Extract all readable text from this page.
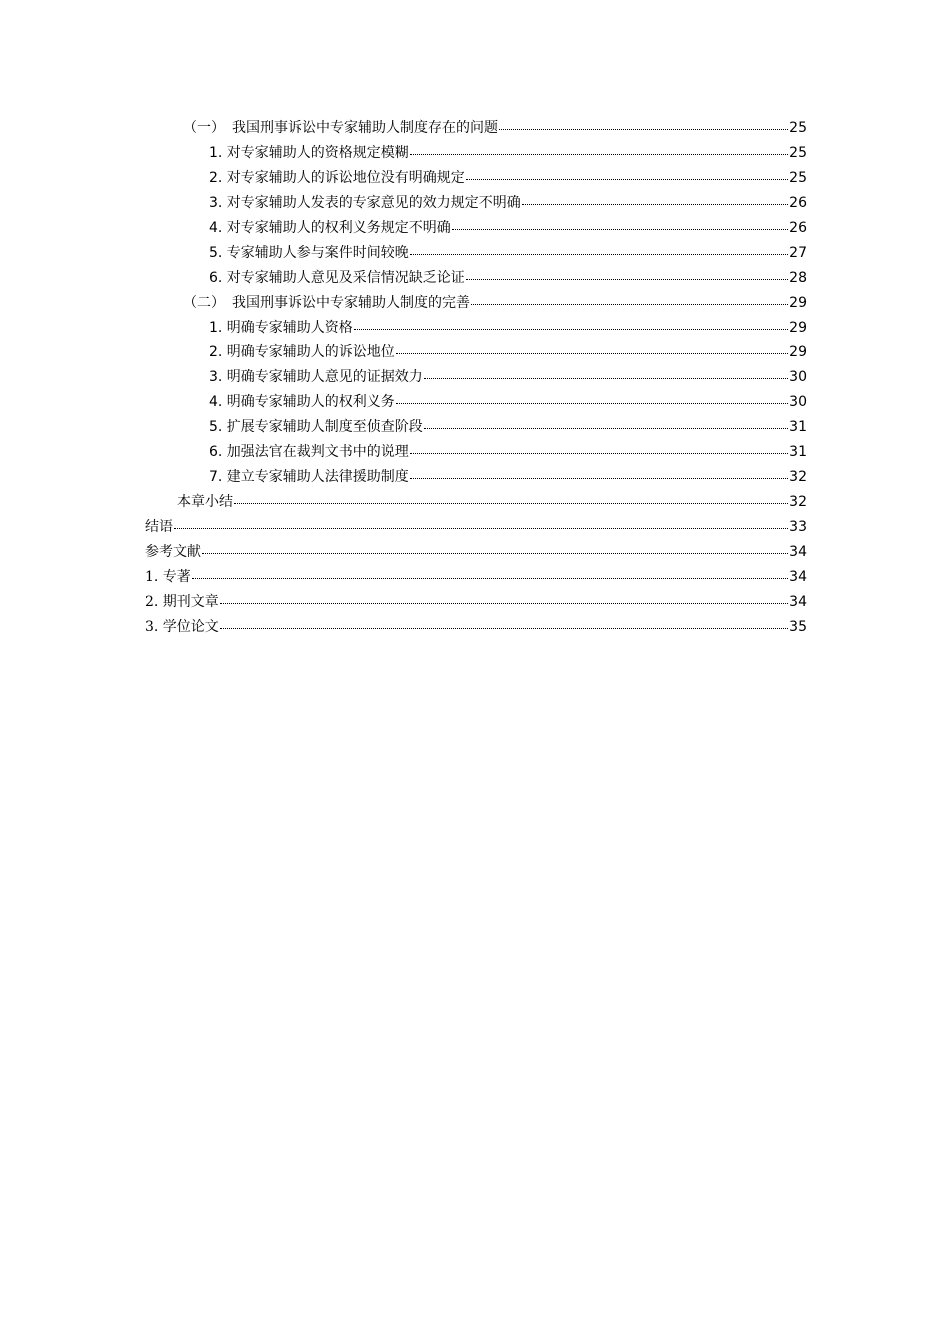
（一）　我国刑事诉讼中专家辅助人制度存在的问题	25
1. 对专家辅助人的资格规定模糊	25
2. 对专家辅助人的诉讼地位没有明确规定	25
3. 对专家辅助人发表的专家意见的效力规定不明确	26
4. 对专家辅助人的权利义务规定不明确	26
5. 专家辅助人参与案件时间较晚	27
6. 对专家辅助人意见及采信情况缺乏论证	28
（二）　我国刑事诉讼中专家辅助人制度的完善	29
1. 明确专家辅助人资格	29
2. 明确专家辅助人的诉讼地位	29
3. 明确专家辅助人意见的证据效力	30
4. 明确专家辅助人的权利义务	30
5. 扩展专家辅助人制度至侦查阶段	31
6. 加强法官在裁判文书中的说理	31
7. 建立专家辅助人法律援助制度	32
本章小结	32
结语	33
参考文献	34
1. 专著	34
2. 期刊文章	34
3. 学位论文	35
